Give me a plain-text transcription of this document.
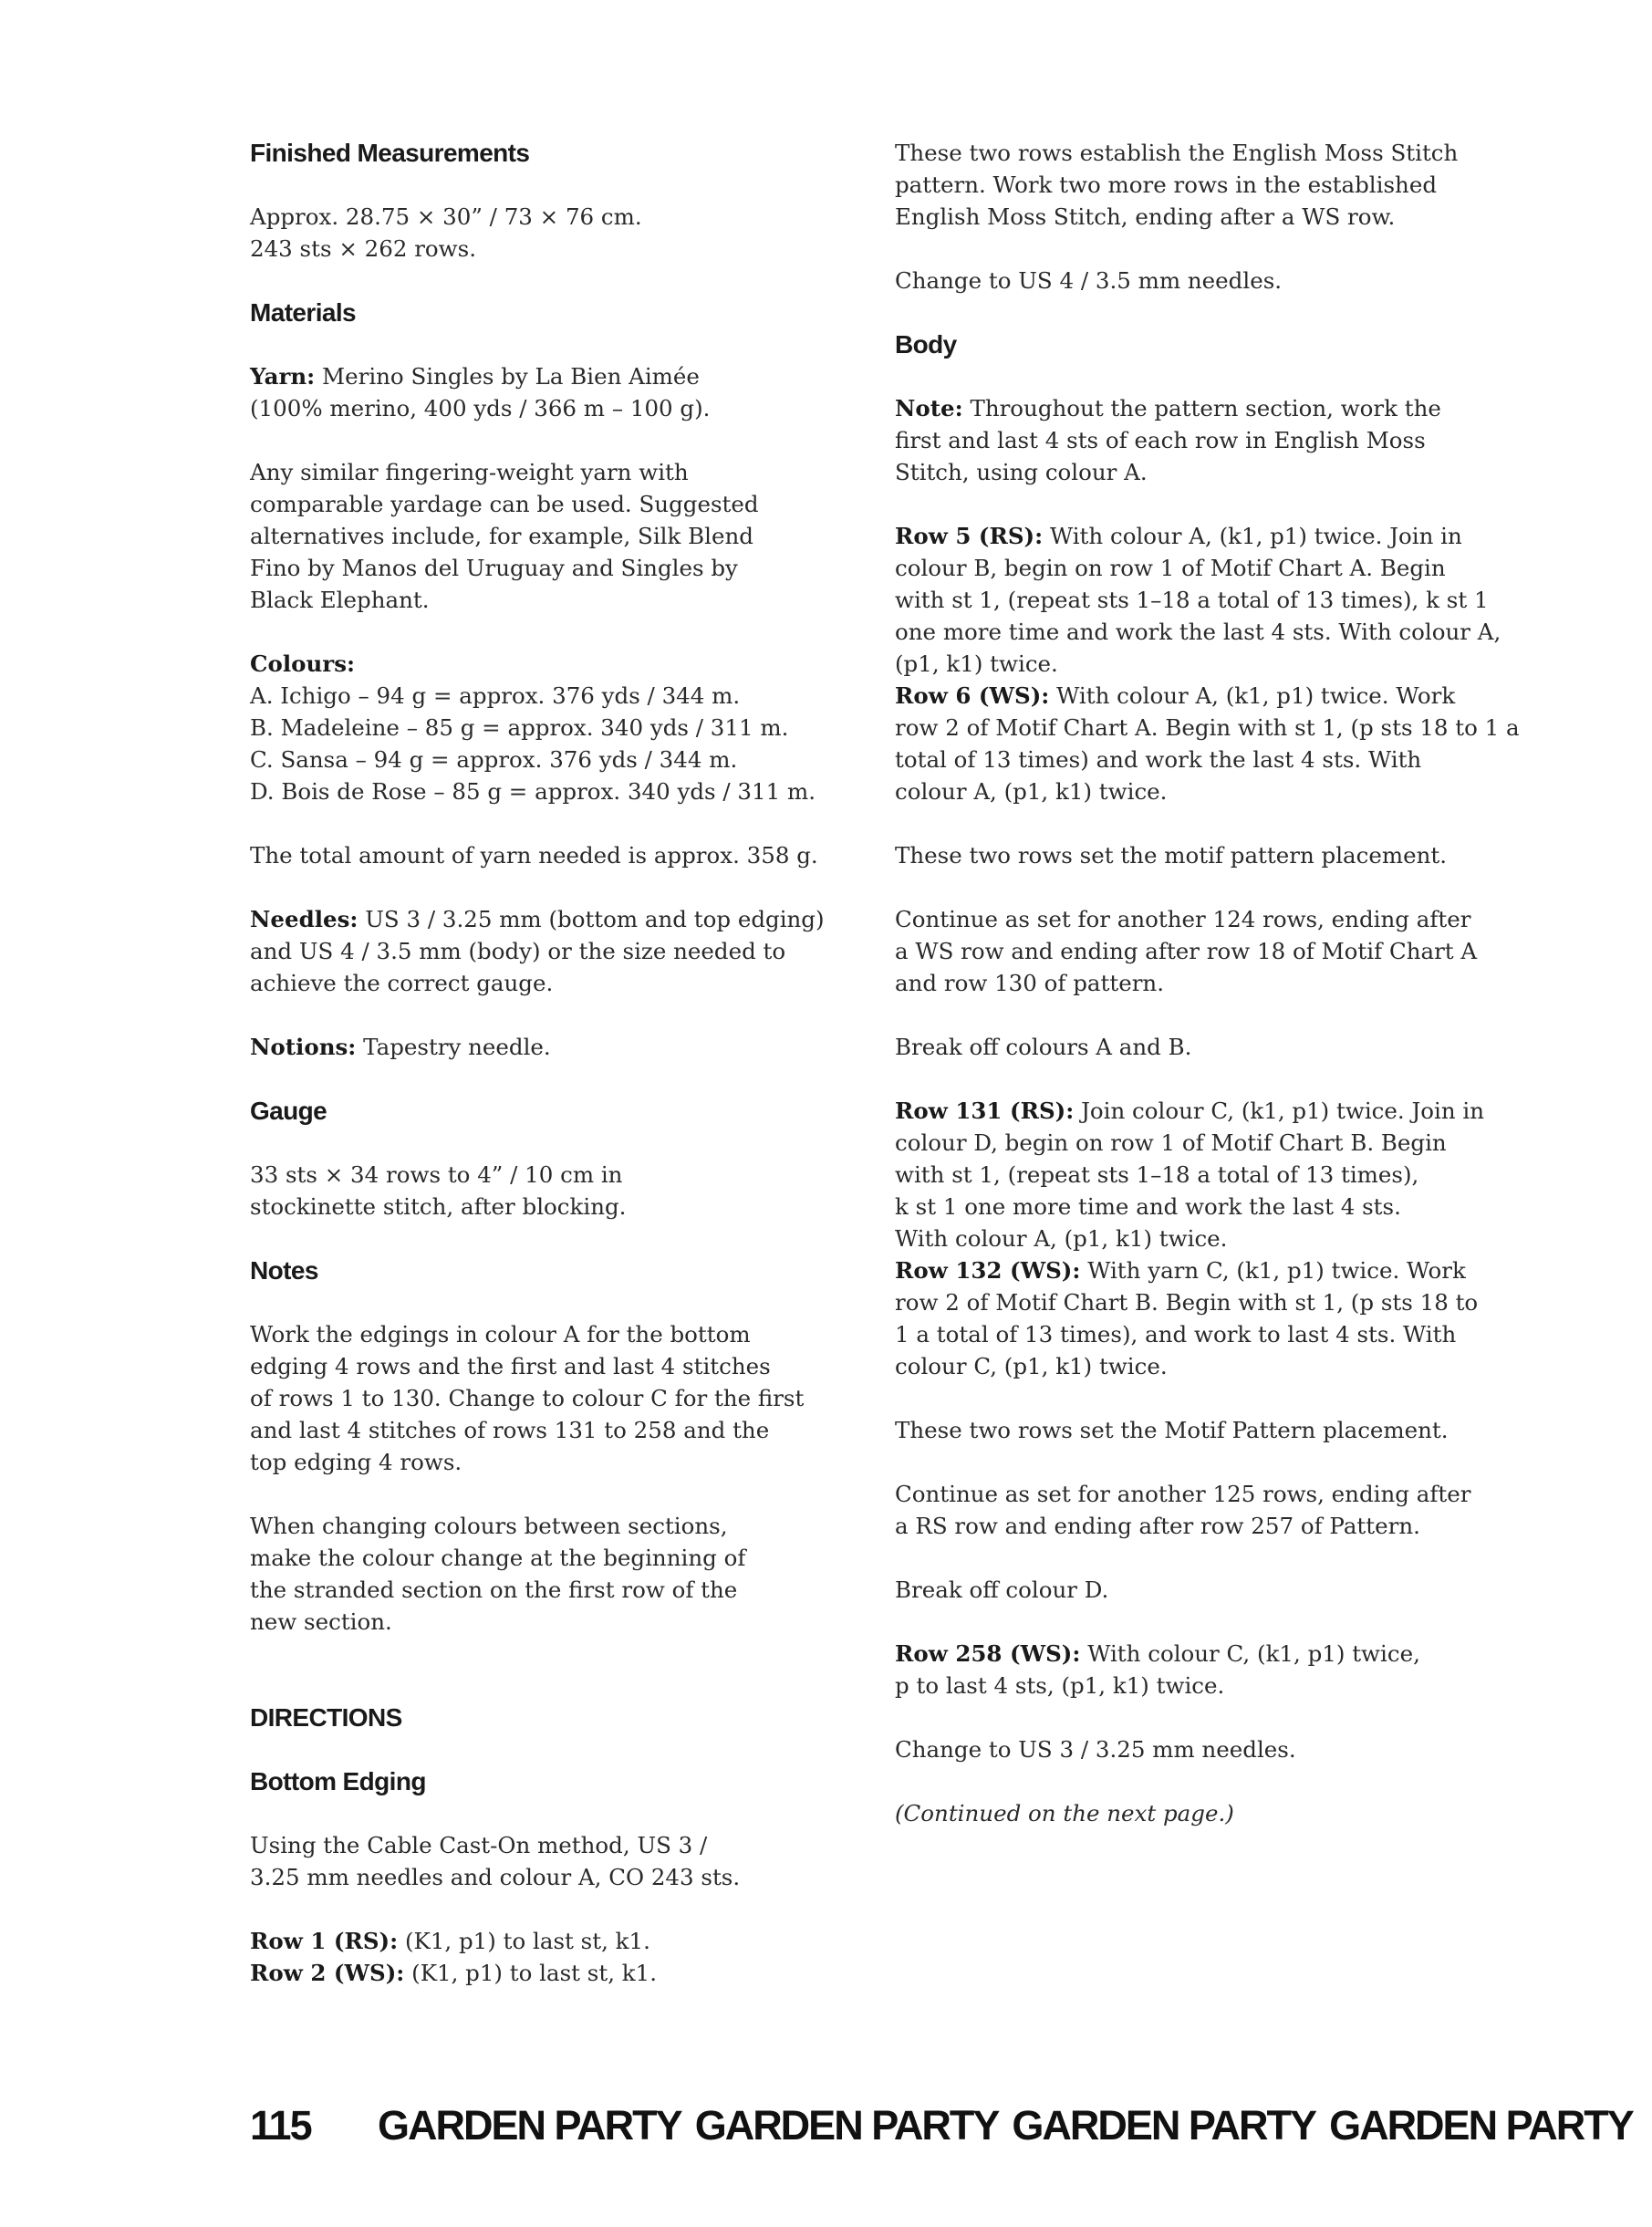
Finished Measurements

Approx. 28.75 × 30” / 73 × 76 cm.
243 sts × 262 rows.

Materials

Yarn: Merino Singles by La Bien Aimée
(100% merino, 400 yds / 366 m – 100 g).

Any similar fingering-weight yarn with
comparable yardage can be used. Suggested
alternatives include, for example, Silk Blend
Fino by Manos del Uruguay and Singles by
Black Elephant.

Colours:
A. Ichigo – 94 g = approx. 376 yds / 344 m.
B. Madeleine – 85 g = approx. 340 yds / 311 m.
C. Sansa – 94 g = approx. 376 yds / 344 m.
D. Bois de Rose – 85 g = approx. 340 yds / 311 m.

The total amount of yarn needed is approx. 358 g.

Needles: US 3 / 3.25 mm (bottom and top edging)
and US 4 / 3.5 mm (body) or the size needed to
achieve the correct gauge.

Notions: Tapestry needle.

Gauge

33 sts × 34 rows to 4” / 10 cm in
stockinette stitch, after blocking.

Notes

Work the edgings in colour A for the bottom
edging 4 rows and the first and last 4 stitches
of rows 1 to 130. Change to colour C for the first
and last 4 stitches of rows 131 to 258 and the
top edging 4 rows.

When changing colours between sections,
make the colour change at the beginning of
the stranded section on the first row of the
new section.

DIRECTIONS
Bottom Edging

Using the Cable Cast-On method, US 3 /
3.25 mm needles and colour A, CO 243 sts.

Row 1 (RS): (K1, p1) to last st, k1.
Row 2 (WS): (K1, p1) to last st, k1.

These two rows establish the English Moss Stitch
pattern. Work two more rows in the established
English Moss Stitch, ending after a WS row.

Change to US 4 / 3.5 mm needles.

Body

Note: Throughout the pattern section, work the
first and last 4 sts of each row in English Moss
Stitch, using colour A.

Row 5 (RS): With colour A, (k1, p1) twice. Join in
colour B, begin on row 1 of Motif Chart A. Begin
with st 1, (repeat sts 1–18 a total of 13 times), k st 1
one more time and work the last 4 sts. With colour A,
(p1, k1) twice.
Row 6 (WS): With colour A, (k1, p1) twice. Work
row 2 of Motif Chart A. Begin with st 1, (p sts 18 to 1 a
total of 13 times) and work the last 4 sts. With
colour A, (p1, k1) twice.

These two rows set the motif pattern placement.

Continue as set for another 124 rows, ending after
a WS row and ending after row 18 of Motif Chart A
and row 130 of pattern.

Break off colours A and B.

Row 131 (RS): Join colour C, (k1, p1) twice. Join in
colour D, begin on row 1 of Motif Chart B. Begin
with st 1, (repeat sts 1–18 a total of 13 times),
k st 1 one more time and work the last 4 sts.
With colour A, (p1, k1) twice.
Row 132 (WS): With yarn C, (k1, p1) twice. Work
row 2 of Motif Chart B. Begin with st 1, (p sts 18 to
1 a total of 13 times), and work to last 4 sts. With
colour C, (p1, k1) twice.

These two rows set the Motif Pattern placement.

Continue as set for another 125 rows, ending after
a RS row and ending after row 257 of Pattern.

Break off colour D.

Row 258 (WS): With colour C, (k1, p1) twice,
p to last 4 sts, (p1, k1) twice.

Change to US 3 / 3.25 mm needles.

(Continued on the next page.)

115 GARDEN PARTY GARDEN PARTY GARDEN PARTY GARDEN PARTY
